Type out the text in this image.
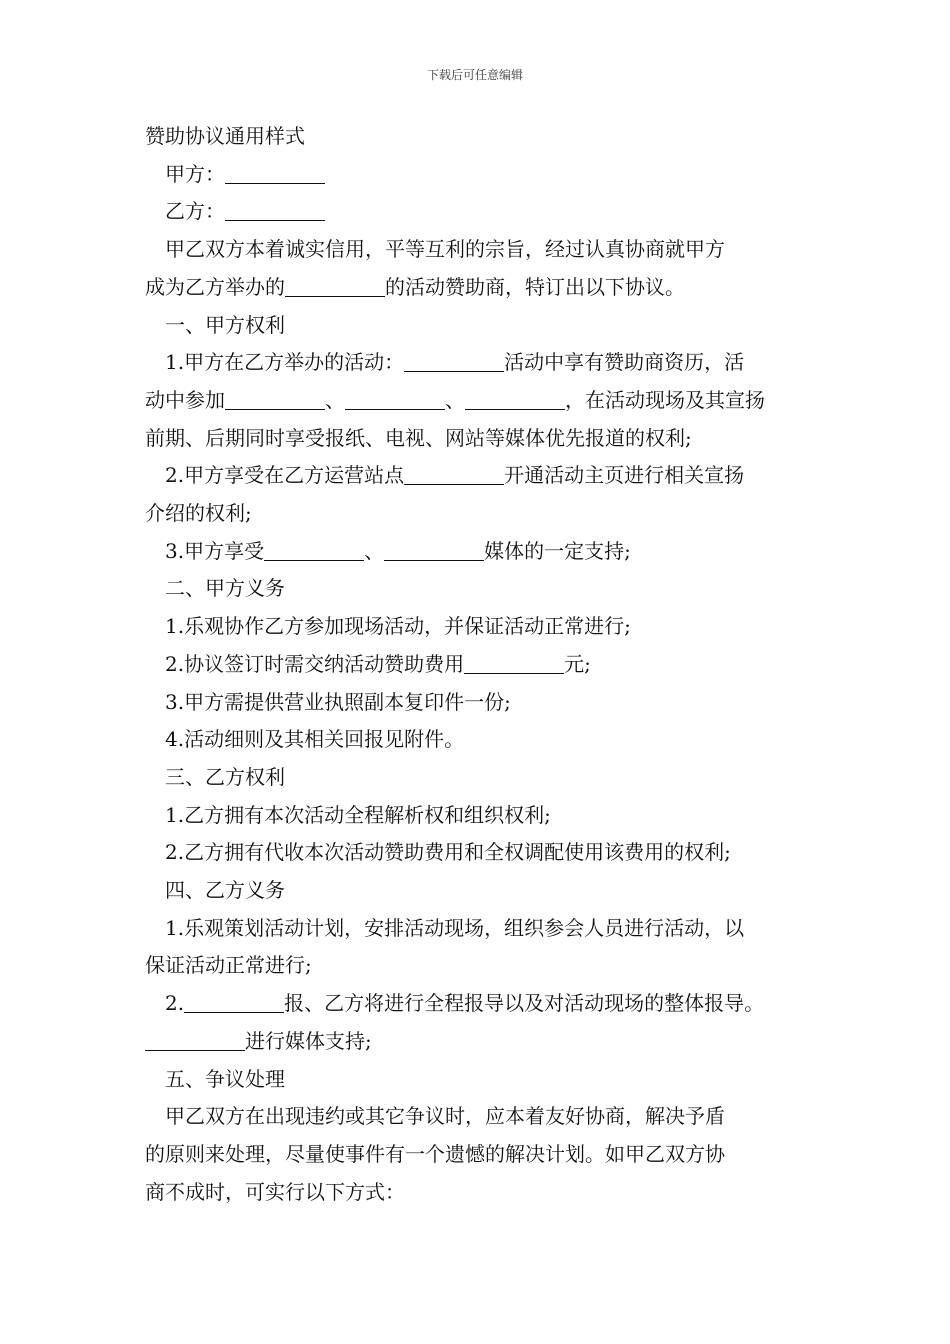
下载后可任意编辑
赞助协议通用样式
甲方：
乙方：
甲乙双方本着诚实信用，平等互利的宗旨，经过认真协商就甲方
成为乙方举办的	的活动赞助商，特订出以下协议。
一、甲方权利
1.甲方在乙方举办的活动：	活动中享有赞助商资历，活
动中参加	、	、	，在活动现场及其宣扬
前期、后期同时享受报纸、电视、网站等媒体优先报道的权利;
2.甲方享受在乙方运营站点	开通活动主页进行相关宣扬
介绍的权利;
3.甲方享受	、	媒体的一定支持;
二、甲方义务
1.乐观协作乙方参加现场活动，并保证活动正常进行;
2.协议签订时需交纳活动赞助费用	元;
3.甲方需提供营业执照副本复印件一份;
4.活动细则及其相关回报见附件。
三、乙方权利
1.乙方拥有本次活动全程解析权和组织权利;
2.乙方拥有代收本次活动赞助费用和全权调配使用该费用的权利;
四、乙方义务
1.乐观策划活动计划，安排活动现场，组织参会人员进行活动，以
保证活动正常进行;
2.	报、乙方将进行全程报导以及对活动现场的整体报导。
进行媒体支持;
五、争议处理
甲乙双方在出现违约或其它争议时，应本着友好协商，解决予盾
的原则来处理，尽量使事件有一个遗憾的解决计划。如甲乙双方协
商不成时，可实行以下方式：
